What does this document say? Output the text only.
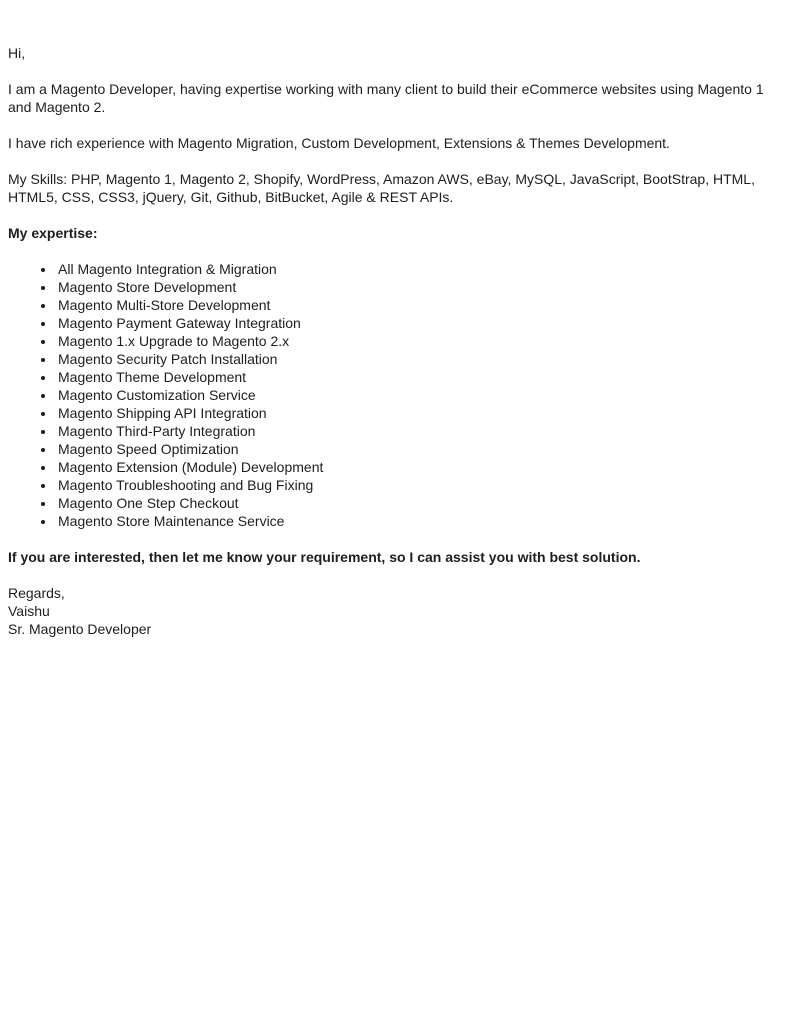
Hi,

I am a Magento Developer, having expertise working with many client to build their eCommerce websites using Magento 1 and Magento 2.

I have rich experience with Magento Migration, Custom Development, Extensions & Themes Development.

My Skills: PHP, Magento 1, Magento 2, Shopify, WordPress, Amazon AWS, eBay, MySQL, JavaScript, BootStrap, HTML, HTML5, CSS, CSS3, jQuery, Git, Github, BitBucket, Agile & REST APIs.

My expertise:

• All Magento Integration & Migration
• Magento Store Development
• Magento Multi-Store Development
• Magento Payment Gateway Integration
• Magento 1.x Upgrade to Magento 2.x
• Magento Security Patch Installation
• Magento Theme Development
• Magento Customization Service
• Magento Shipping API Integration
• Magento Third-Party Integration
• Magento Speed Optimization
• Magento Extension (Module) Development
• Magento Troubleshooting and Bug Fixing
• Magento One Step Checkout
• Magento Store Maintenance Service

If you are interested, then let me know your requirement, so I can assist you with best solution.

Regards,
Vaishu
Sr. Magento Developer
